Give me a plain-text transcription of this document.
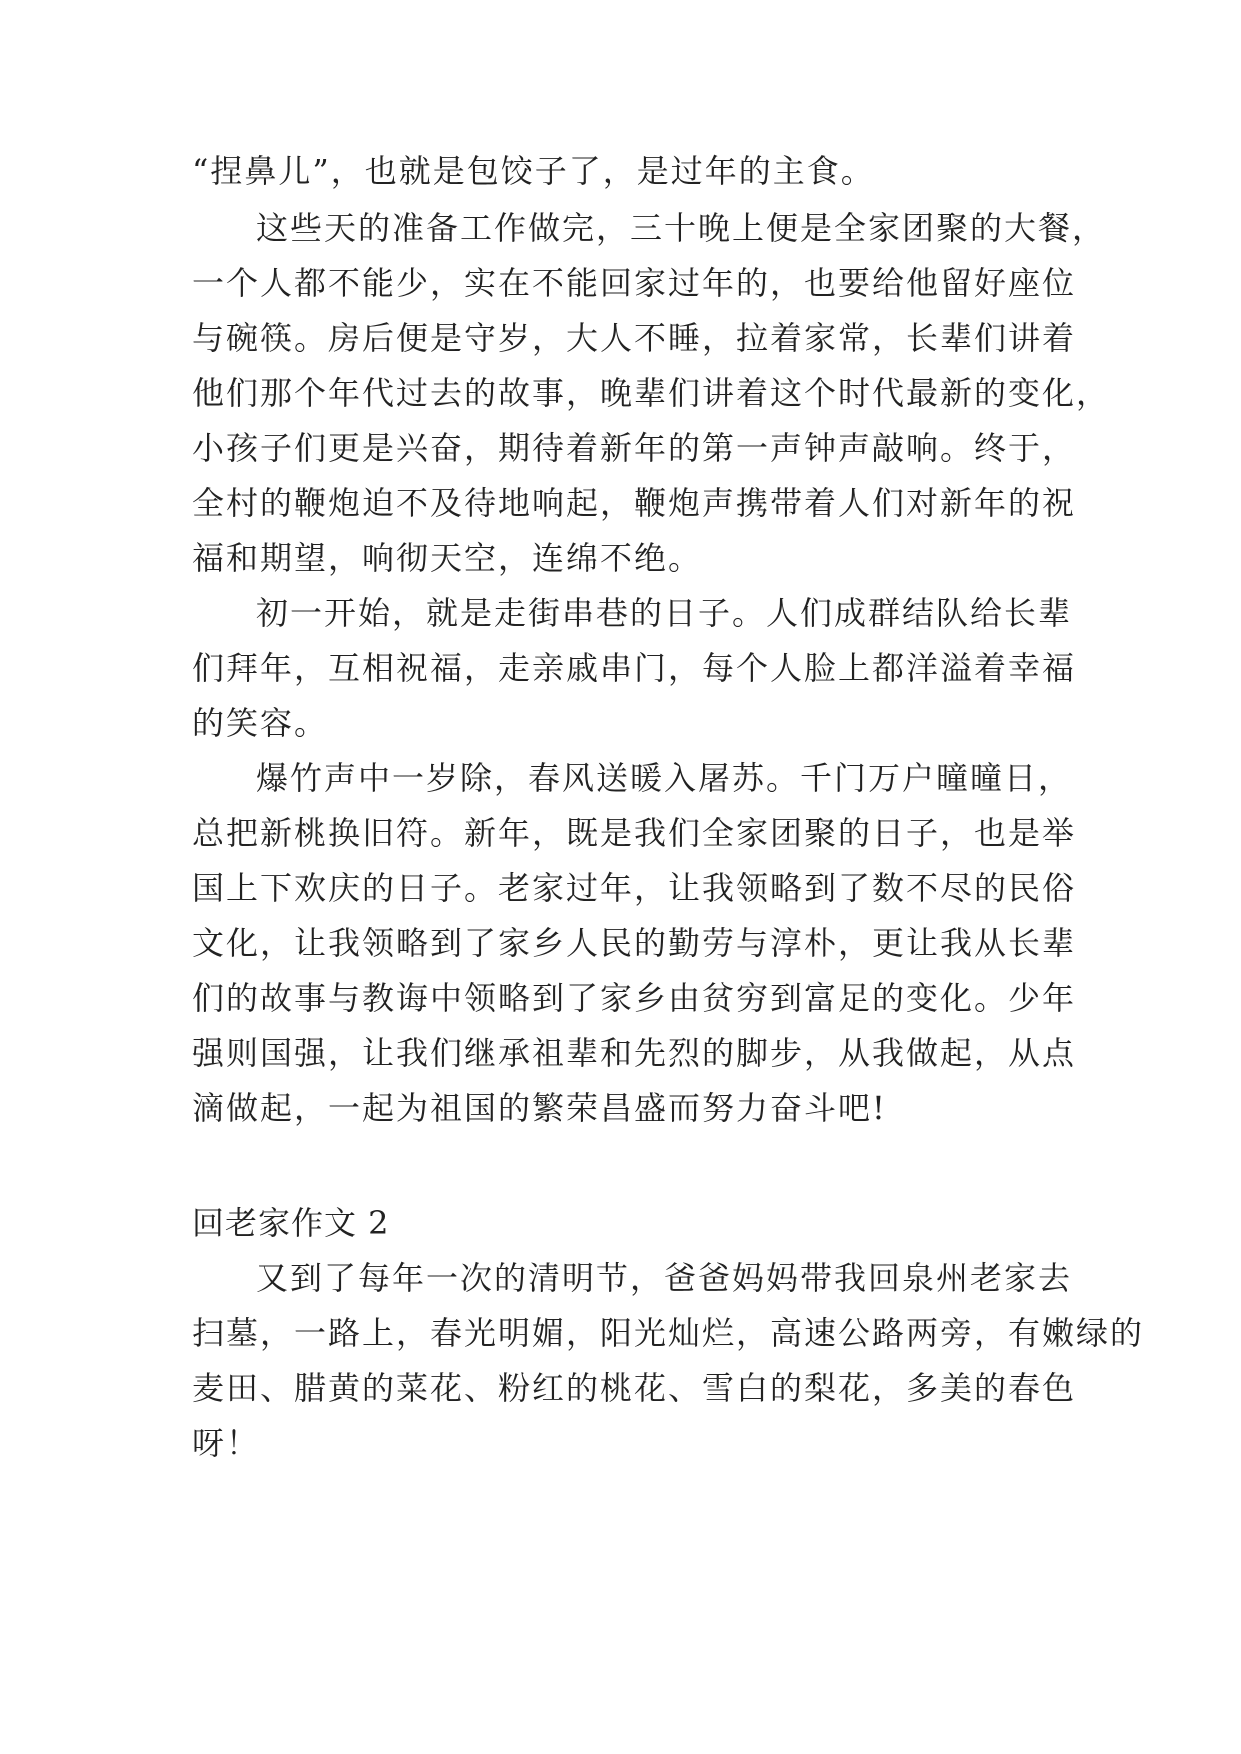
“捏鼻儿”，也就是包饺子了，是过年的主食。
这些天的准备工作做完，三十晚上便是全家团聚的大餐，
一个人都不能少，实在不能回家过年的，也要给他留好座位
与碗筷。房后便是守岁，大人不睡，拉着家常，长辈们讲着
他们那个年代过去的故事，晚辈们讲着这个时代最新的变化，
小孩子们更是兴奋，期待着新年的第一声钟声敲响。终于，
全村的鞭炮迫不及待地响起，鞭炮声携带着人们对新年的祝
福和期望，响彻天空，连绵不绝。
初一开始，就是走街串巷的日子。人们成群结队给长辈
们拜年，互相祝福，走亲戚串门，每个人脸上都洋溢着幸福
的笑容。
爆竹声中一岁除，春风送暖入屠苏。千门万户曈曈日，
总把新桃换旧符。新年，既是我们全家团聚的日子，也是举
国上下欢庆的日子。老家过年，让我领略到了数不尽的民俗
文化，让我领略到了家乡人民的勤劳与淳朴，更让我从长辈
们的故事与教诲中领略到了家乡由贫穷到富足的变化。少年
强则国强，让我们继承祖辈和先烈的脚步，从我做起，从点
滴做起，一起为祖国的繁荣昌盛而努力奋斗吧!
回老家作文 2
又到了每年一次的清明节，爸爸妈妈带我回泉州老家去
扫墓，一路上，春光明媚，阳光灿烂，高速公路两旁，有嫩绿的
麦田、腊黄的菜花、粉红的桃花、雪白的梨花，多美的春色
呀！
